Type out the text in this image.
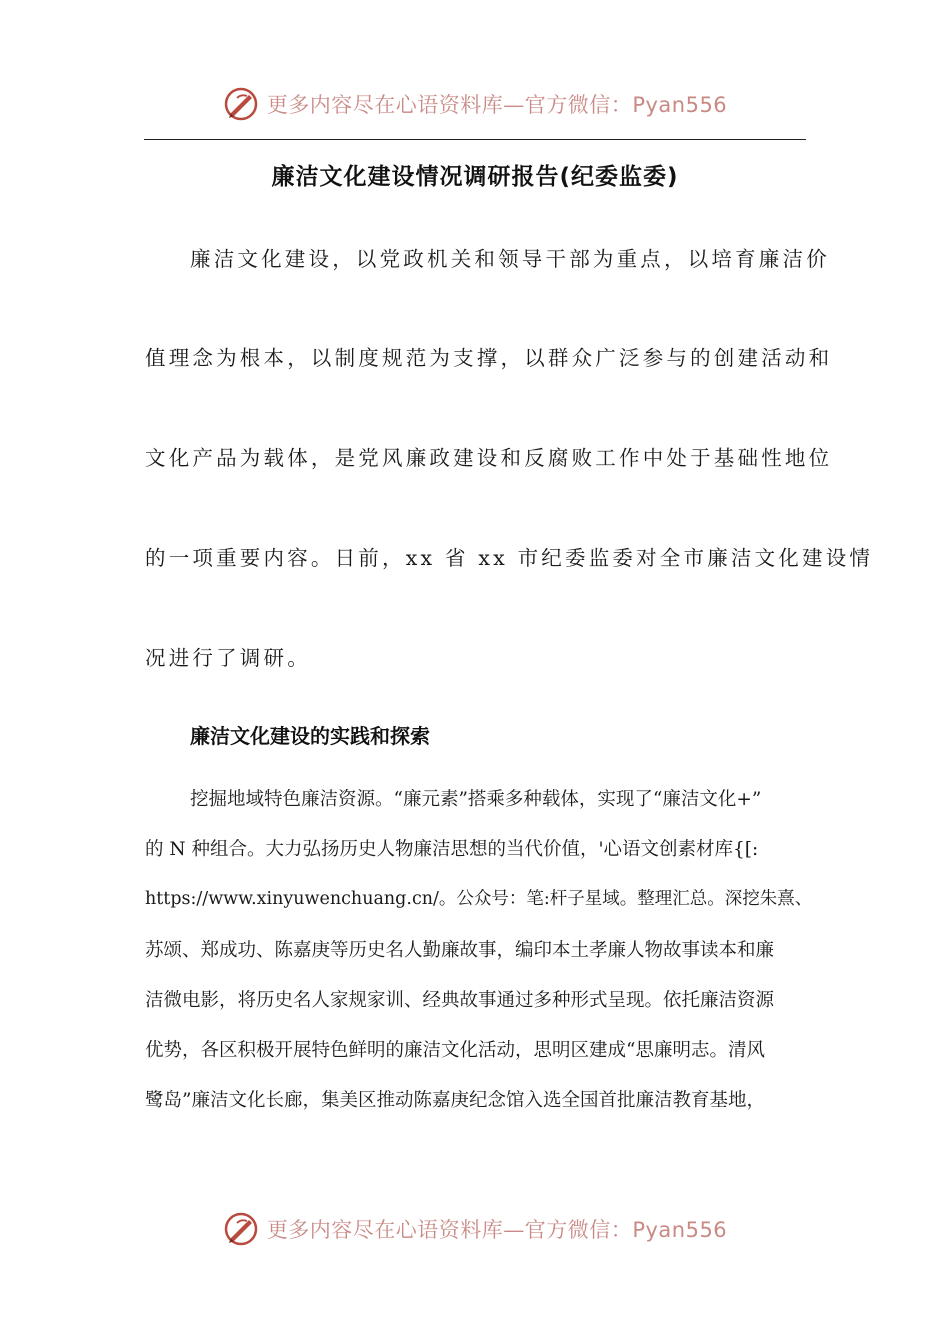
更多内容尽在心语资料库—官方微信：Pyan556
廉洁文化建设情况调研报告(纪委监委)
廉洁文化建设，以党政机关和领导干部为重点，以培育廉洁价
值理念为根本，以制度规范为支撑，以群众广泛参与的创建活动和
文化产品为载体，是党风廉政建设和反腐败工作中处于基础性地位
的一项重要内容。日前，xx 省 xx 市纪委监委对全市廉洁文化建设情
况进行了调研。
廉洁文化建设的实践和探索
挖掘地域特色廉洁资源。“廉元素”搭乘多种载体，实现了“廉洁文化+”
的 N 种组合。大力弘扬历史人物廉洁思想的当代价值，'心语文创素材库{[:
https://www.xinyuwenchuang.cn/。公众号：笔:杆子星域。整理汇总。深挖朱熹、
苏颂、郑成功、陈嘉庚等历史名人勤廉故事，编印本土孝廉人物故事读本和廉
洁微电影，将历史名人家规家训、经典故事通过多种形式呈现。依托廉洁资源
优势，各区积极开展特色鲜明的廉洁文化活动，思明区建成“思廉明志。清风
鹭岛”廉洁文化长廊，集美区推动陈嘉庚纪念馆入选全国首批廉洁教育基地，
更多内容尽在心语资料库—官方微信：Pyan556
